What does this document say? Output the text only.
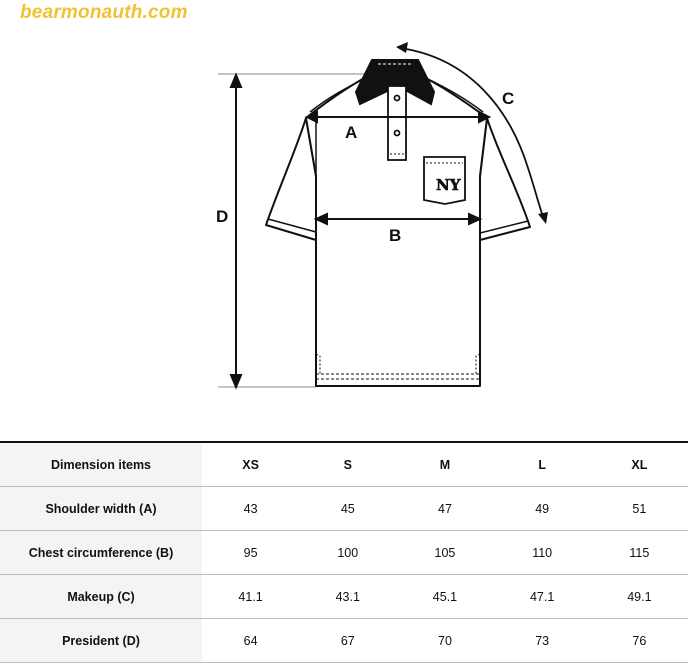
bearmonauth.com
D
NY
A
B
C
Dimension items	XS	S	M	L	XL
Shoulder width (A)	43	45	47	49	51
Chest circumference (B)	95	100	105	110	115
Makeup (C)	41.1	43.1	45.1	47.1	49.1
President (D)	64	67	70	73	76
